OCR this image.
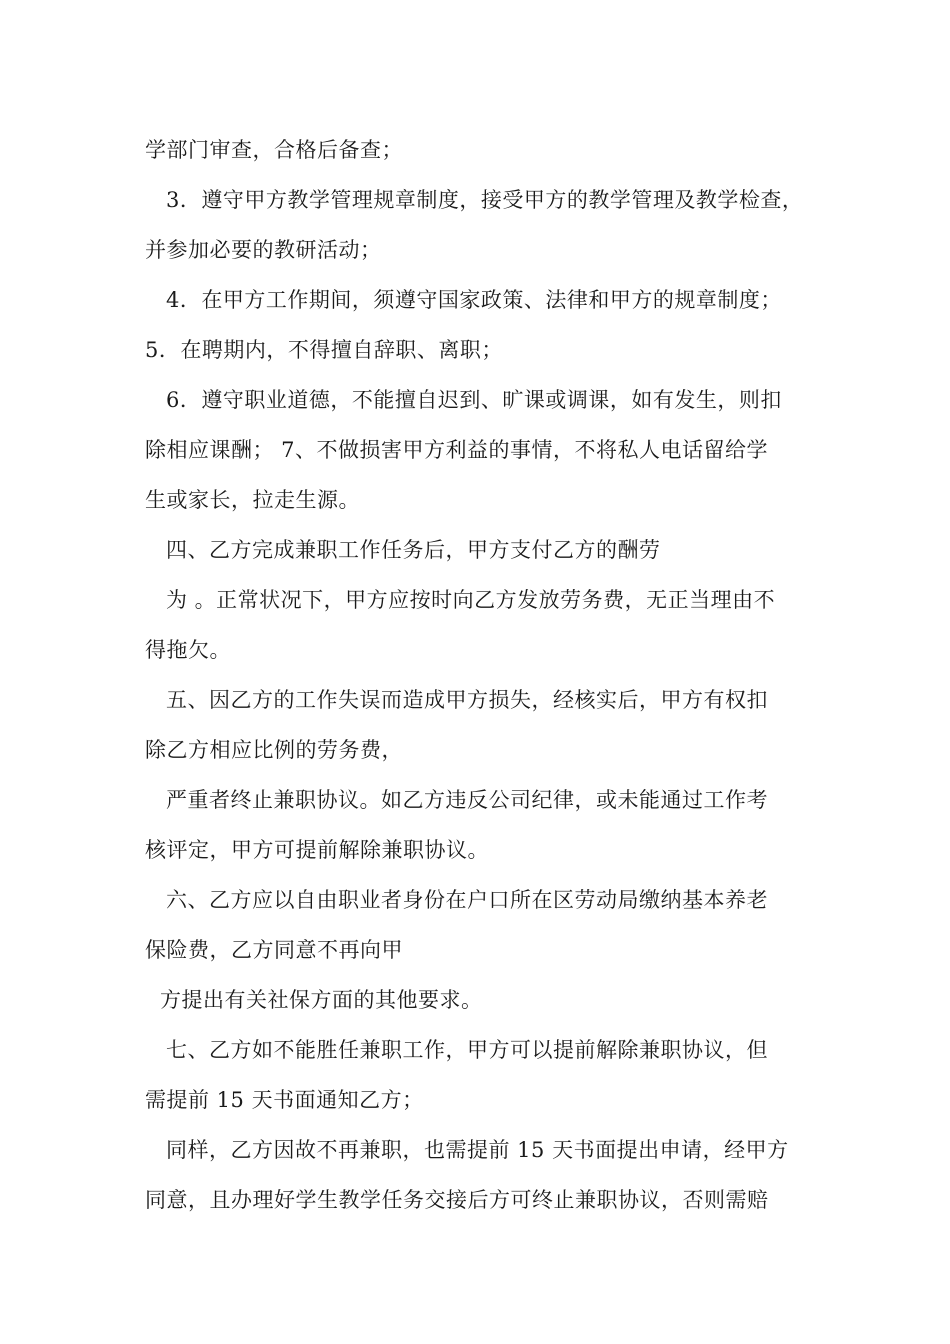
学部门审查，合格后备查；
3．遵守甲方教学管理规章制度，接受甲方的教学管理及教学检查，
并参加必要的教研活动；
4．在甲方工作期间，须遵守国家政策、法律和甲方的规章制度；
5．在聘期内，不得擅自辞职、离职；
6．遵守职业道德，不能擅自迟到、旷课或调课，如有发生，则扣
除相应课酬； 7、不做损害甲方利益的事情，不将私人电话留给学
生或家长，拉走生源。
四、乙方完成兼职工作任务后，甲方支付乙方的酬劳
为 。正常状况下，甲方应按时向乙方发放劳务费，无正当理由不
得拖欠。
五、因乙方的工作失误而造成甲方损失，经核实后，甲方有权扣
除乙方相应比例的劳务费，
严重者终止兼职协议。如乙方违反公司纪律，或未能通过工作考
核评定，甲方可提前解除兼职协议。
六、乙方应以自由职业者身份在户口所在区劳动局缴纳基本养老
保险费，乙方同意不再向甲
方提出有关社保方面的其他要求。
七、乙方如不能胜任兼职工作，甲方可以提前解除兼职协议，但
需提前 15 天书面通知乙方；
同样，乙方因故不再兼职，也需提前 15 天书面提出申请，经甲方
同意，且办理好学生教学任务交接后方可终止兼职协议，否则需赔
